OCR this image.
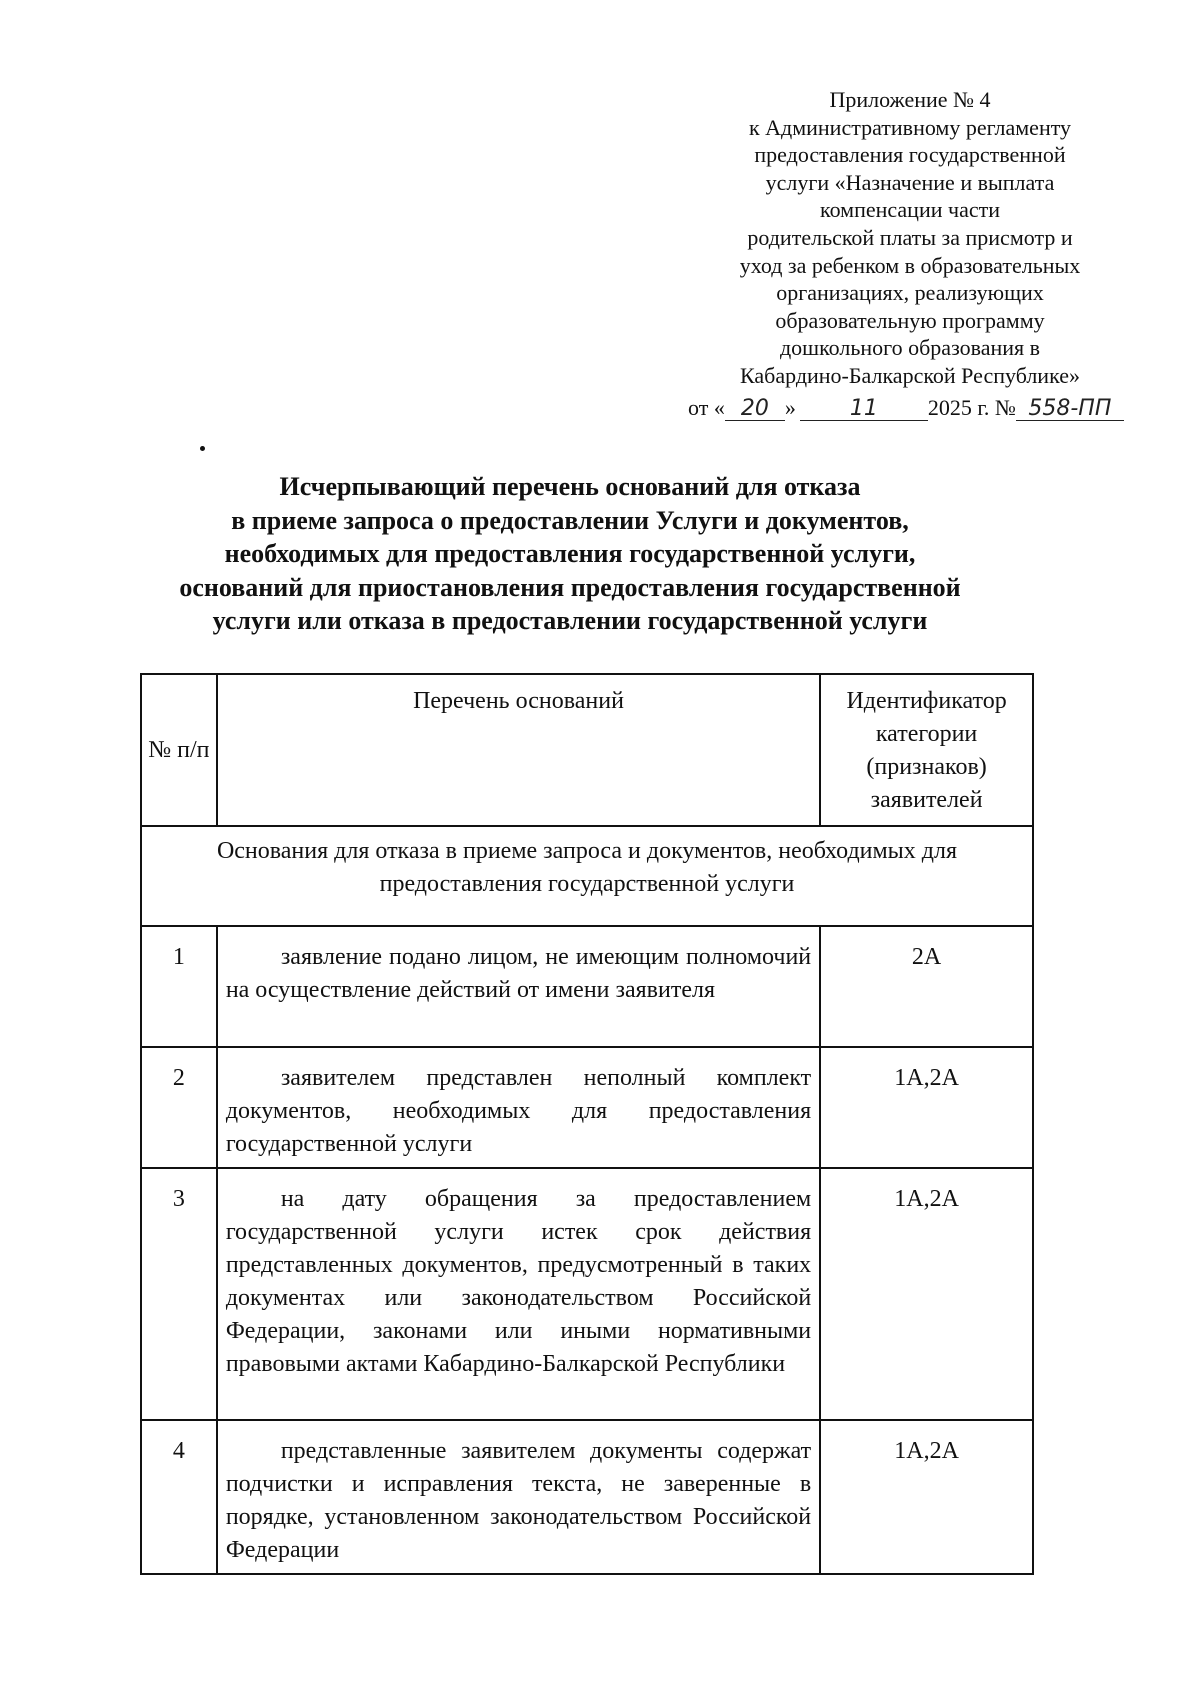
Приложение № 4
к Административному регламенту
предоставления государственной
услуги «Назначение и выплата
компенсации части
родительской платы за присмотр и
уход за ребенком в образовательных
организациях, реализующих
образовательную программу
дошкольного образования в
Кабардино-Балкарской Республике»
от « 20 » 11 2025 г. № 558-ПП
Исчерпывающий перечень оснований для отказа
в приеме запроса о предоставлении Услуги и документов,
необходимых для предоставления государственной услуги,
оснований для приостановления предоставления государственной
услуги или отказа в предоставлении государственной услуги
№ п/п	Перечень оснований	Идентификатор категории (признаков) заявителей
Основания для отказа в приеме запроса и документов, необходимых для предоставления государственной услуги		
1	заявление подано лицом, не имеющим полномочий на осуществление действий от имени заявителя	2А
2	заявителем представлен неполный комплект документов, необходимых для предоставления государственной услуги	1А,2А
3	на дату обращения за предоставлением государственной услуги истек срок действия представленных документов, предусмотренный в таких документах или законодательством Российской Федерации, законами или иными нормативными правовыми актами Кабардино-Балкарской Республики	1А,2А
4	представленные заявителем документы содержат подчистки и исправления текста, не заверенные в порядке, установленном законодательством Российской Федерации	1А,2А
